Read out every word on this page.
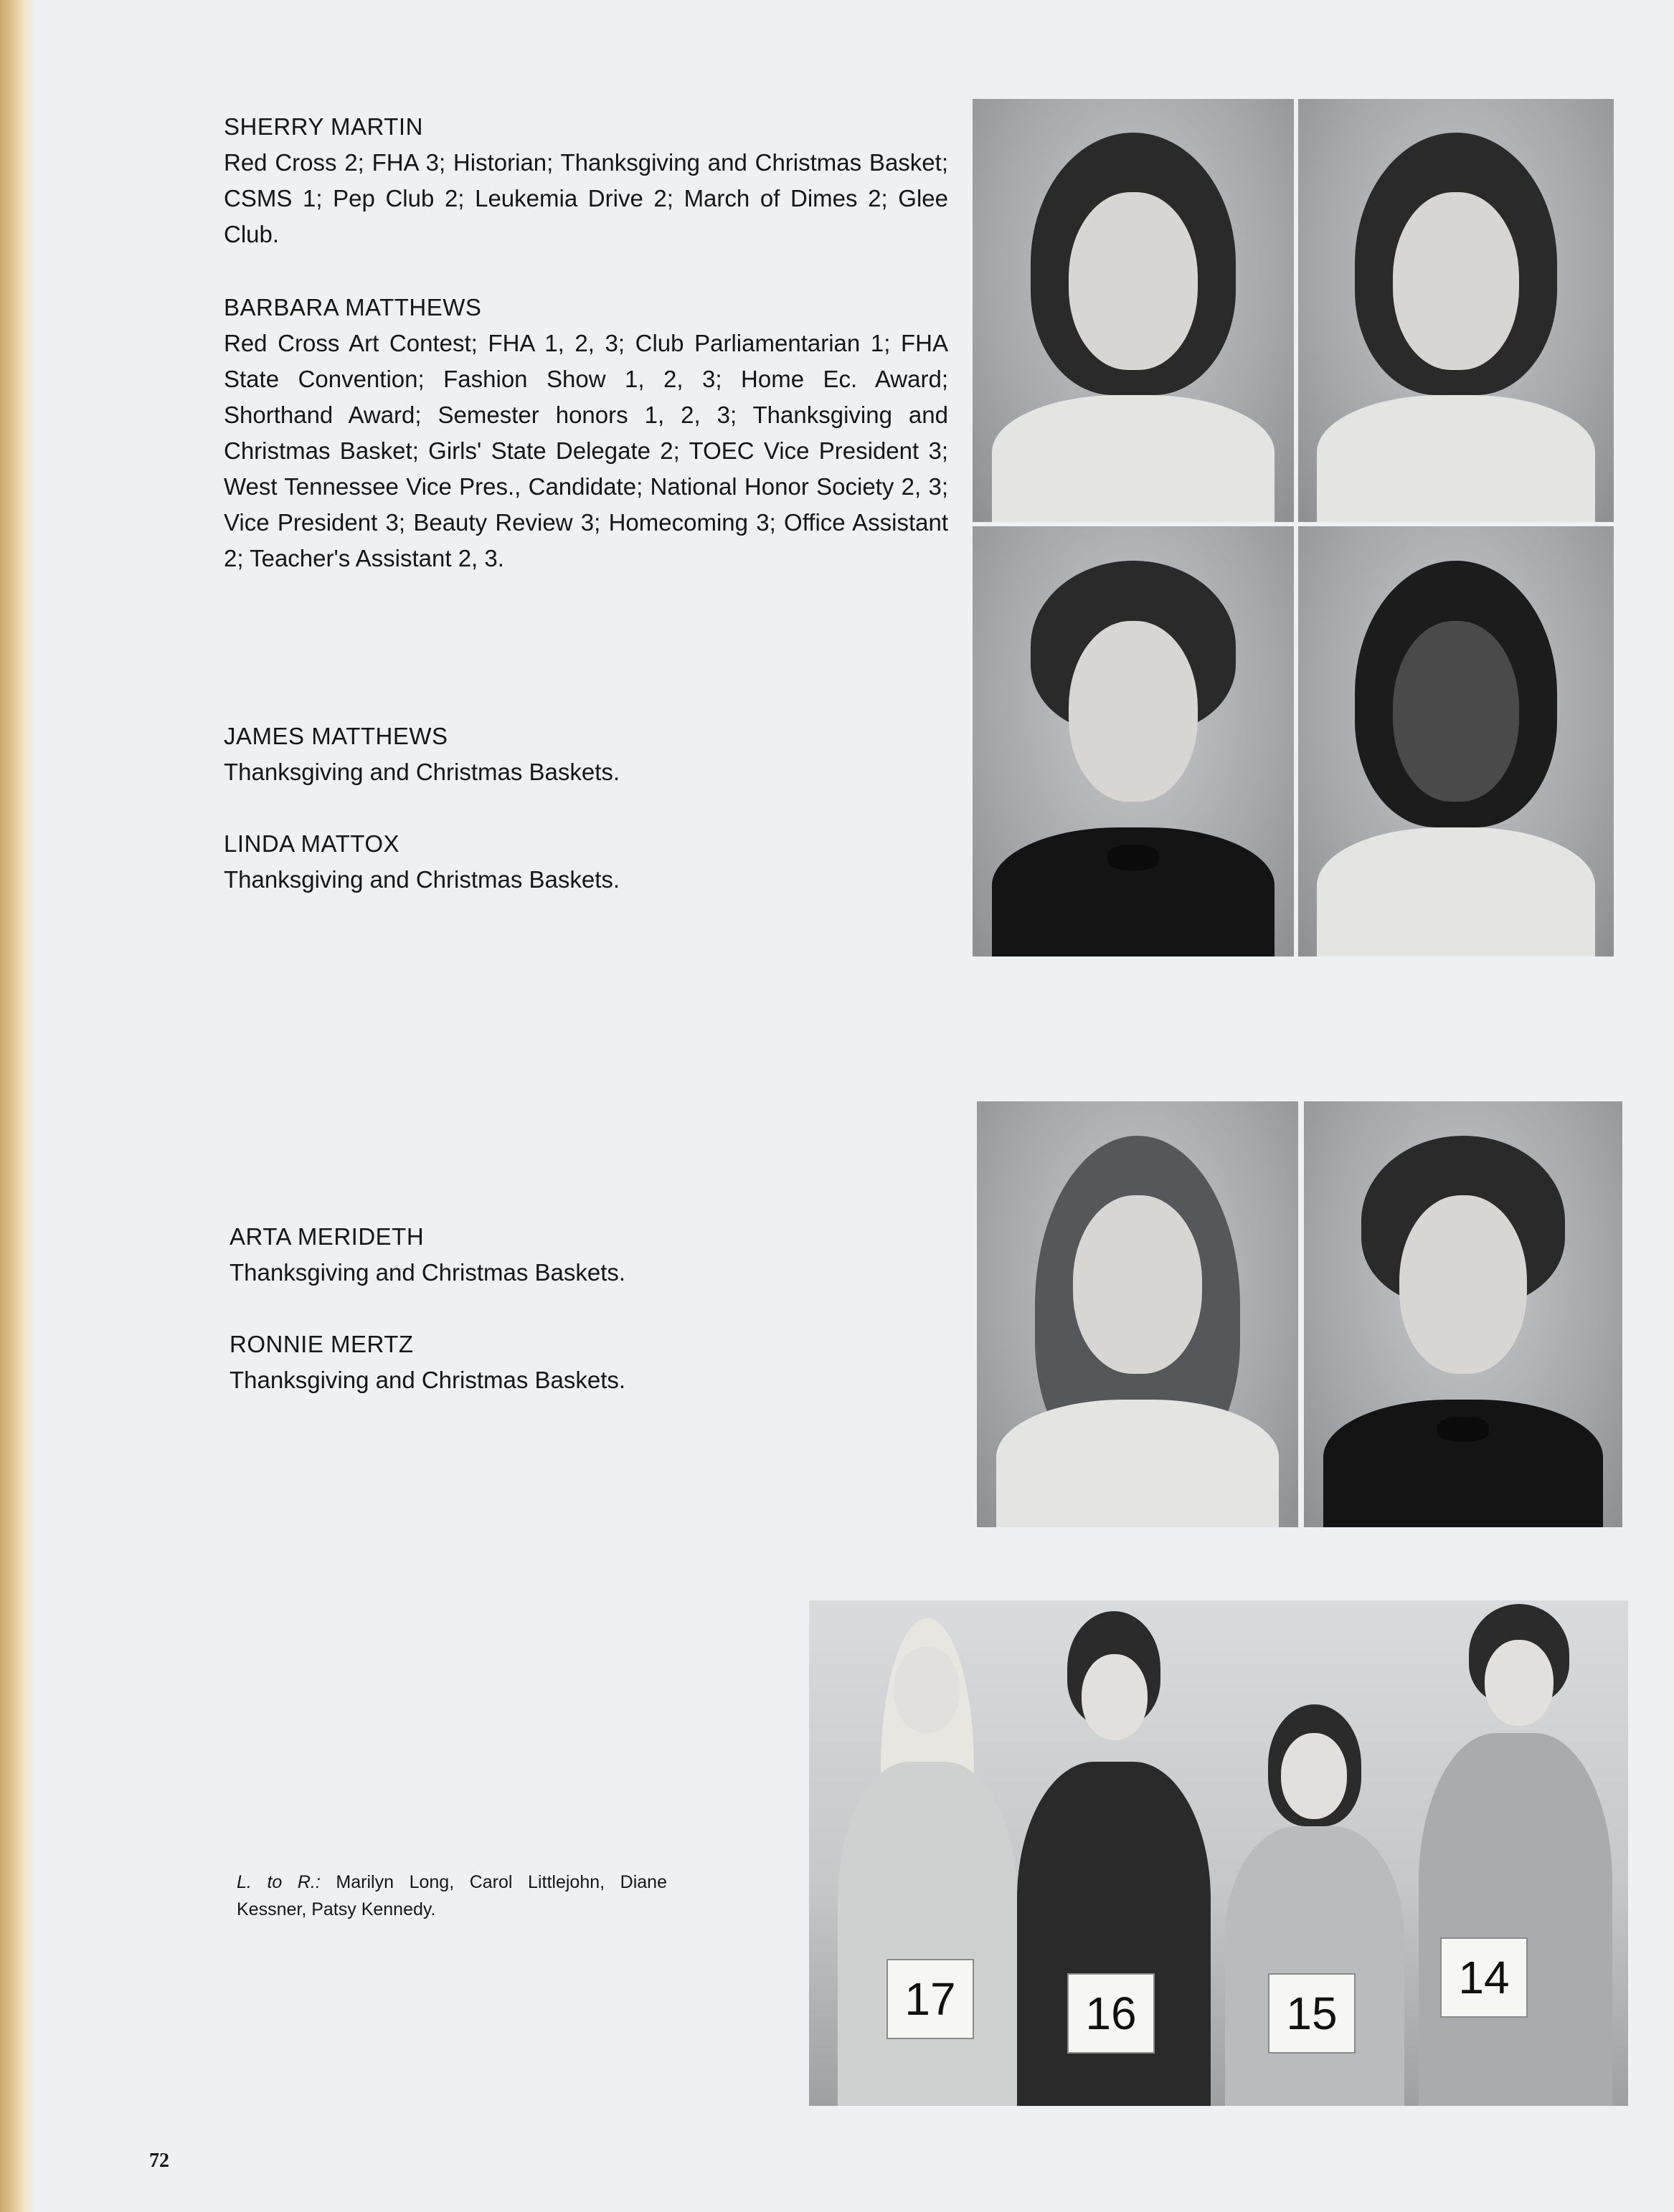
SHERRY MARTIN
Red Cross 2; FHA 3; Historian; Thanksgiving and Christmas Basket; CSMS 1; Pep Club 2; Leukemia Drive 2; March of Dimes 2; Glee Club.
BARBARA MATTHEWS
Red Cross Art Contest; FHA 1, 2, 3; Club Parliamentarian 1; FHA State Convention; Fashion Show 1, 2, 3; Home Ec. Award; Shorthand Award; Semester honors 1, 2, 3; Thanksgiving and Christmas Basket; Girls' State Delegate 2; TOEC Vice President 3; West Tennessee Vice Pres., Candidate; National Honor Society 2, 3; Vice President 3; Beauty Review 3; Homecoming 3; Office Assistant 2; Teacher's Assistant 2, 3.
JAMES MATTHEWS
Thanksgiving and Christmas Baskets.
LINDA MATTOX
Thanksgiving and Christmas Baskets.
ARTA MERIDETH
Thanksgiving and Christmas Baskets.
RONNIE MERTZ
Thanksgiving and Christmas Baskets.
17	16	15
14
L. to R.: Marilyn Long, Carol Littlejohn, Diane Kessner, Patsy Kennedy.
72
